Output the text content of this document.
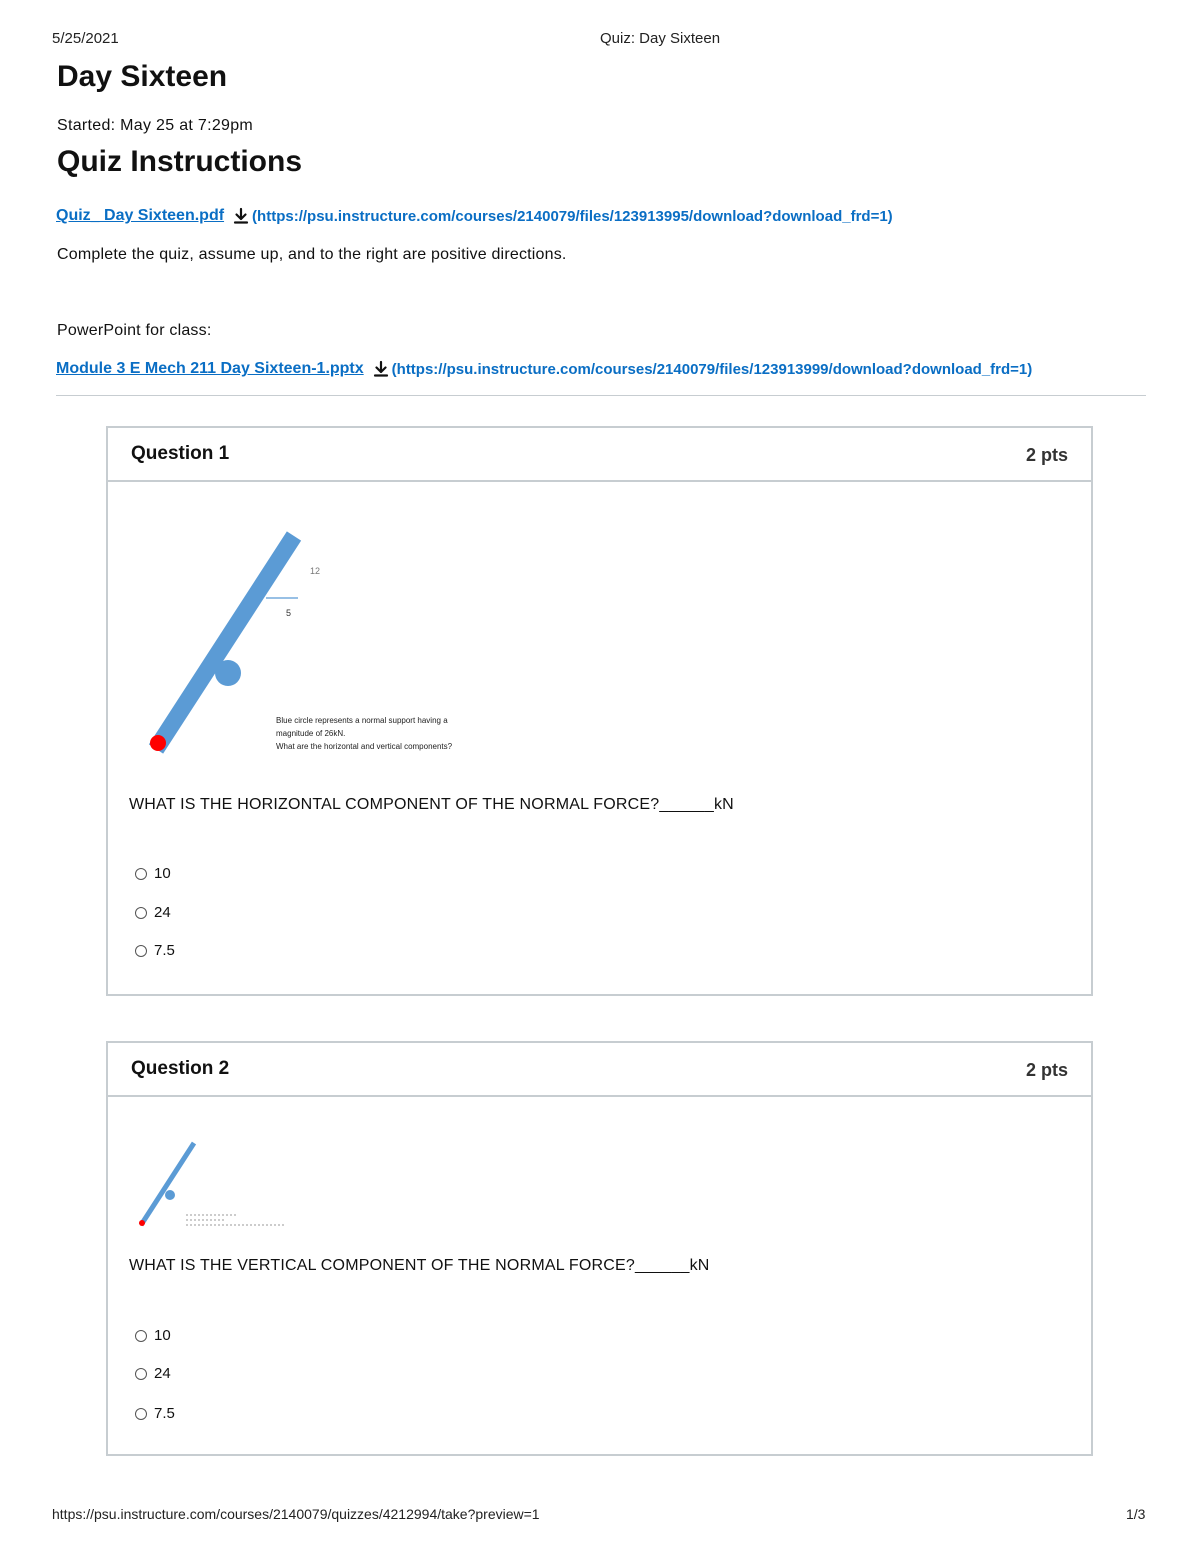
5/25/2021	Quiz: Day Sixteen
Day Sixteen
Started: May 25 at 7:29pm
Quiz Instructions
Quiz_ Day Sixteen.pdf (https://psu.instructure.com/courses/2140079/files/123913995/download?download_frd=1)
Complete the quiz, assume up, and to the right are positive directions.
PowerPoint for class:
Module 3 E Mech 211 Day Sixteen-1.pptx (https://psu.instructure.com/courses/2140079/files/123913999/download?download_frd=1)
Question 1	2 pts
12
5
Blue circle represents a normal support having a
magnitude of 26kN.
What are the horizontal and vertical components?
WHAT IS THE HORIZONTAL COMPONENT OF THE NORMAL FORCE?______kN
10
24
7.5
Question 2	2 pts
WHAT IS THE VERTICAL COMPONENT OF THE NORMAL FORCE?______kN
10
24
7.5
https://psu.instructure.com/courses/2140079/quizzes/4212994/take?preview=1	1/3
